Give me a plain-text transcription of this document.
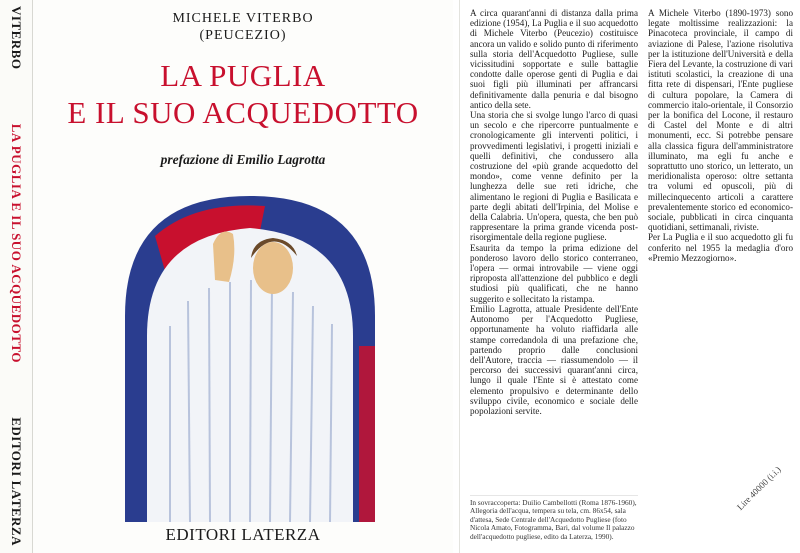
VITERBO
LA PUGLIA E IL SUO ACQUEDOTTO
EDITORI LATERZA
MICHELE VITERBO
(PEUCEZIO)
LA PUGLIA
E IL SUO ACQUEDOTTO
prefazione di Emilio Lagrotta
EDITORI LATERZA

A circa quarant'anni di distanza dalla prima edizione (1954), La Puglia e il suo acquedotto di Michele Viterbo (Peucezio) costituisce ancora un valido e solido punto di riferimento sulla storia dell'Acquedotto Pugliese, sulle vicissitudini sopportate e sulle battaglie condotte dalle operose genti di Puglia e dai suoi figli più illuminati per affrancarsi definitivamente dalla penuria e dal bisogno antico della sete.

Una storia che si svolge lungo l'arco di quasi un secolo e che ripercorre puntualmente e cronologicamente gli interventi politici, i provvedimenti legislativi, i progetti iniziali e quelli definitivi, che condussero alla costruzione del «più grande acquedotto del mondo», come venne definito per la lunghezza delle sue reti idriche, che alimentano le regioni di Puglia e Basilicata e parte degli abitati dell'Irpinia, del Molise e della Calabria. Un'opera, questa, che ben può rappresentare la prima grande vicenda post-risorgimentale della regione pugliese.

Esaurita da tempo la prima edizione del ponderoso lavoro dello storico conterraneo, l'opera — ormai introvabile — viene oggi riproposta all'attenzione del pubblico e degli studiosi più qualificati, che ne hanno suggerito e sollecitato la ristampa.

Emilio Lagrotta, attuale Presidente dell'Ente Autonomo per l'Acquedotto Pugliese, opportunamente ha voluto riaffidarla alle stampe corredandola di una prefazione che, partendo proprio dalle conclusioni dell'Autore, traccia — riassumendolo — il percorso dei successivi quarant'anni circa, lungo il quale l'Ente si è attestato come elemento propulsivo e determinante dello sviluppo civile, economico e sociale delle popolazioni servite.

In sovraccoperta: Duilio Cambellotti (Roma 1876-1960), Allegoria dell'acqua, tempera su tela, cm. 86x54, sala d'attesa, Sede Centrale dell'Acquedotto Pugliese (foto Nicola Amato, Fotogramma, Bari, dal volume Il palazzo dell'acquedotto pugliese, edito da Laterza, 1990).

A Michele Viterbo (1890-1973) sono legate moltissime realizzazioni: la Pinacoteca provinciale, il campo di aviazione di Palese, l'azione risolutiva per la istituzione dell'Università e della Fiera del Levante, la costruzione di vari istituti scolastici, la creazione di una fitta rete di dispensari, l'Ente pugliese di cultura popolare, la Camera di commercio italo-orientale, il Consorzio per la bonifica del Locone, il restauro di Castel del Monte e di altri monumenti, ecc. Si potrebbe pensare alla classica figura dell'amministratore illuminato, ma egli fu anche e soprattutto uno storico, un letterato, un meridionalista operoso: oltre settanta tra volumi ed opuscoli, più di millecinquecento articoli a carattere prevalentemente storico ed economico-sociale, pubblicati in circa cinquanta quotidiani, settimanali, riviste.

Per La Puglia e il suo acquedotto gli fu conferito nel 1955 la medaglia d'oro «Premio Mezzogiorno».

Lire 40000 (i.i.)
